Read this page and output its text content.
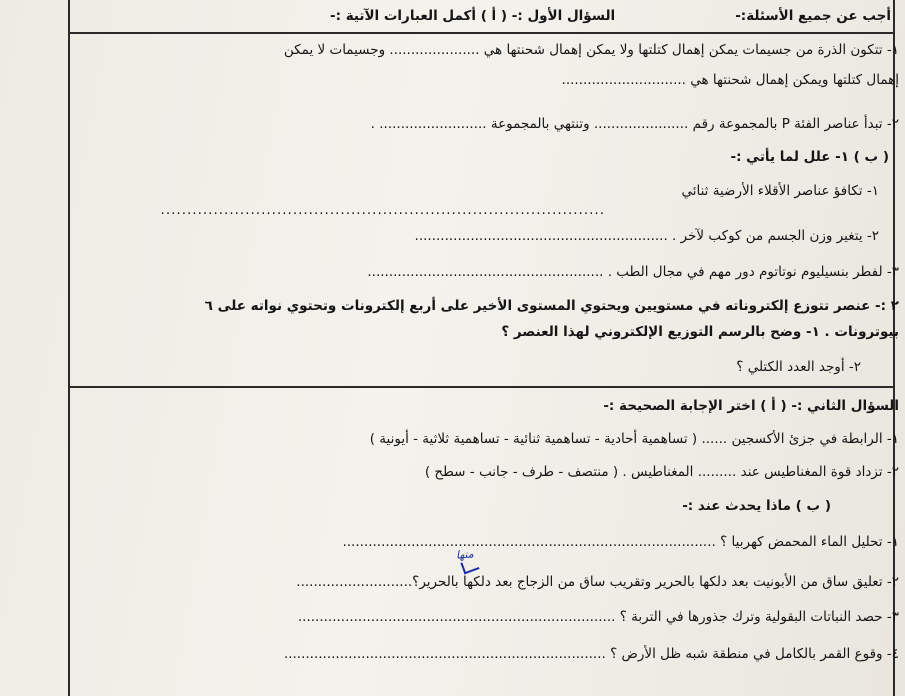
أجب عن جميع الأسئلة:-
السؤال الأول :- ( أ ) أكمل العبارات الآتية :-
١- تتكون الذرة من جسيمات يمكن إهمال كتلتها ولا يمكن إهمال شحنتها هي ..................... وجسيمات لا يمكن
إهمال كتلتها ويمكن إهمال شحنتها هي .............................
٢- تبدأ عناصر الفئة P بالمجموعة رقم ...................... وتنتهي بالمجموعة ......................... .
( ب ) ١- علل لما يأتي :-
١- تكافؤ عناصر الأقلاء الأرضية ثنائي
....................................................................................
٢- يتغير وزن الجسم من كوكب لآخر . ...........................................................
٣- لفطر بنسيليوم نوتاتوم دور مهم في مجال الطب . .......................................................
٢ :- عنصر تتوزع إلكتروناته في مستويين ويحتوي المستوى الأخير على أربع إلكترونات وتحتوي نواته على ٦
بيوترونات . ١- وضح بالرسم التوزيع الإلكتروني لهذا العنصر ؟
٢- أوجد العدد الكتلي ؟
السؤال الثاني :- ( أ ) اختر الإجابة الصحيحة :-
١- الرابطة في جزئ الأكسجين ...... ( تساهمية أحادية - تساهمية ثنائية - تساهمية ثلاثية - أيونية )
٢- تزداد قوة المغناطيس عند ......... المغناطيس . ( منتصف - طرف - جانب - سطح )
( ب ) ماذا يحدث عند :-
١- تحليل الماء المحمض كهربيا ؟ .......................................................................................
منها
٢- تعليق ساق من الأبونيت بعد دلكها بالحرير وتقريب ساق من الزجاج بعد دلكها بالحرير؟...........................
٣- حصد النباتات البقولية وترك جذورها في التربة ؟ ..........................................................................
٤- وقوع القمر بالكامل في منطقة شبه ظل الأرض ؟ ...........................................................................
